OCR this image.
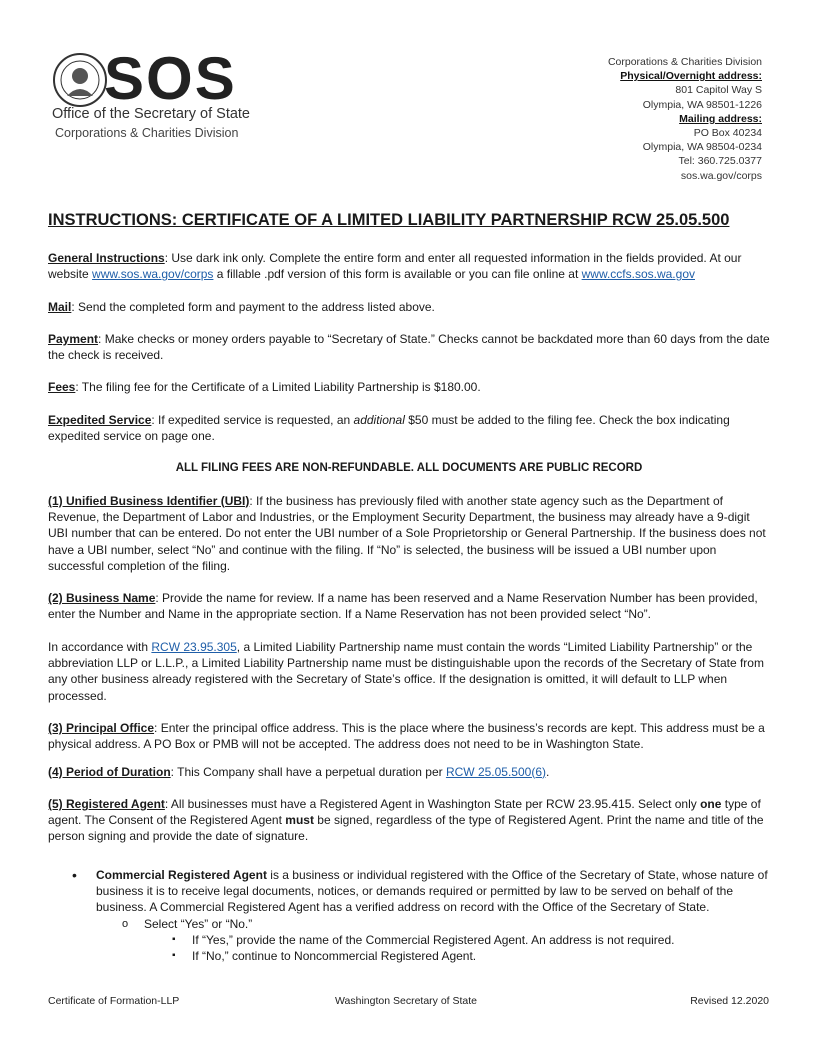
SOS
Office of the Secretary of State
Corporations & Charities Division
Corporations & Charities Division
Physical/Overnight address:
801 Capitol Way S
Olympia, WA 98501-1226
Mailing address:
PO Box 40234
Olympia, WA 98504-0234
Tel: 360.725.0377
sos.wa.gov/corps
INSTRUCTIONS: CERTIFICATE OF A LIMITED LIABILITY PARTNERSHIP RCW 25.05.500

General Instructions: Use dark ink only. Complete the entire form and enter all requested information in the fields provided. At our website www.sos.wa.gov/corps a fillable .pdf version of this form is available or you can file online at www.ccfs.sos.wa.gov

Mail: Send the completed form and payment to the address listed above.

Payment: Make checks or money orders payable to “Secretary of State.” Checks cannot be backdated more than 60 days from the date the check is received.

Fees: The filing fee for the Certificate of a Limited Liability Partnership is $180.00.

Expedited Service: If expedited service is requested, an additional $50 must be added to the filing fee. Check the box indicating expedited service on page one.

ALL FILING FEES ARE NON-REFUNDABLE. ALL DOCUMENTS ARE PUBLIC RECORD

(1) Unified Business Identifier (UBI): If the business has previously filed with another state agency such as the Department of Revenue, the Department of Labor and Industries, or the Employment Security Department, the business may already have a 9-digit UBI number that can be entered. Do not enter the UBI number of a Sole Proprietorship or General Partnership. If the business does not have a UBI number, select “No” and continue with the filing. If “No” is selected, the business will be issued a UBI number upon successful completion of the filing.

(2) Business Name: Provide the name for review. If a name has been reserved and a Name Reservation Number has been provided, enter the Number and Name in the appropriate section. If a Name Reservation has not been provided select “No”.

In accordance with RCW 23.95.305, a Limited Liability Partnership name must contain the words “Limited Liability Partnership” or the abbreviation LLP or L.L.P., a Limited Liability Partnership name must be distinguishable upon the records of the Secretary of State from any other business already registered with the Secretary of State’s office. If the designation is omitted, it will default to LLP when processed.

(3) Principal Office: Enter the principal office address. This is the place where the business’s records are kept. This address must be a physical address. A PO Box or PMB will not be accepted. The address does not need to be in Washington State.

(4) Period of Duration: This Company shall have a perpetual duration per RCW 25.05.500(6).

(5) Registered Agent: All businesses must have a Registered Agent in Washington State per RCW 23.95.415. Select only one type of agent. The Consent of the Registered Agent must be signed, regardless of the type of Registered Agent. Print the name and title of the person signing and provide the date of signature.

• Commercial Registered Agent is a business or individual registered with the Office of the Secretary of State, whose nature of business it is to receive legal documents, notices, or demands required or permitted by law to be served on behalf of the business. A Commercial Registered Agent has a verified address on record with the Office of the Secretary of State.
o Select “Yes” or “No.”
▪ If “Yes,” provide the name of the Commercial Registered Agent. An address is not required.
▪ If “No,” continue to Noncommercial Registered Agent.
Certificate of Formation-LLP	Washington Secretary of State	Revised 12.2020
